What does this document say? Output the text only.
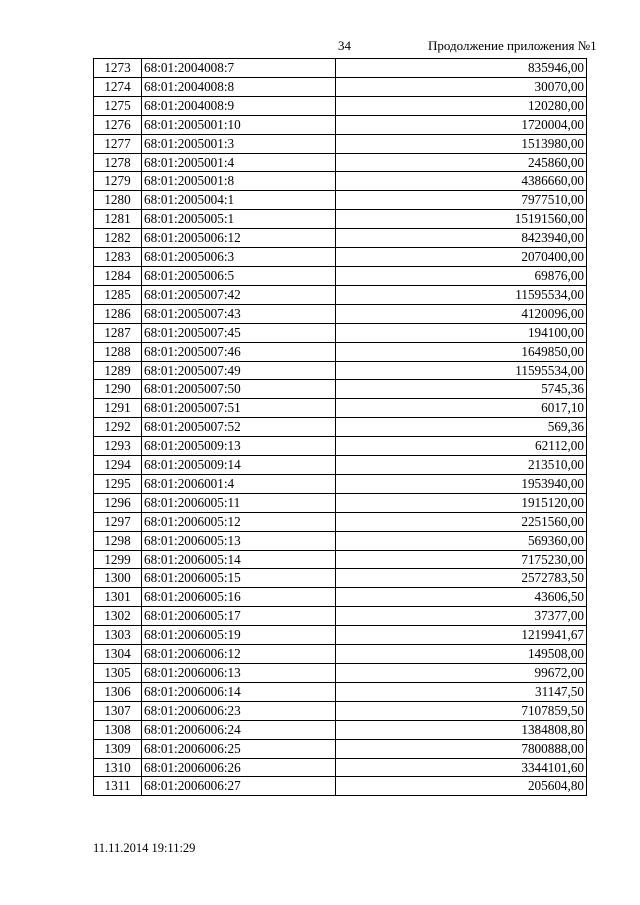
34	Продолжение приложения №1
1273	68:01:2004008:7	835946,00
1274	68:01:2004008:8	30070,00
1275	68:01:2004008:9	120280,00
1276	68:01:2005001:10	1720004,00
1277	68:01:2005001:3	1513980,00
1278	68:01:2005001:4	245860,00
1279	68:01:2005001:8	4386660,00
1280	68:01:2005004:1	7977510,00
1281	68:01:2005005:1	15191560,00
1282	68:01:2005006:12	8423940,00
1283	68:01:2005006:3	2070400,00
1284	68:01:2005006:5	69876,00
1285	68:01:2005007:42	11595534,00
1286	68:01:2005007:43	4120096,00
1287	68:01:2005007:45	194100,00
1288	68:01:2005007:46	1649850,00
1289	68:01:2005007:49	11595534,00
1290	68:01:2005007:50	5745,36
1291	68:01:2005007:51	6017,10
1292	68:01:2005007:52	569,36
1293	68:01:2005009:13	62112,00
1294	68:01:2005009:14	213510,00
1295	68:01:2006001:4	1953940,00
1296	68:01:2006005:11	1915120,00
1297	68:01:2006005:12	2251560,00
1298	68:01:2006005:13	569360,00
1299	68:01:2006005:14	7175230,00
1300	68:01:2006005:15	2572783,50
1301	68:01:2006005:16	43606,50
1302	68:01:2006005:17	37377,00
1303	68:01:2006005:19	1219941,67
1304	68:01:2006006:12	149508,00
1305	68:01:2006006:13	99672,00
1306	68:01:2006006:14	31147,50
1307	68:01:2006006:23	7107859,50
1308	68:01:2006006:24	1384808,80
1309	68:01:2006006:25	7800888,00
1310	68:01:2006006:26	3344101,60
1311	68:01:2006006:27	205604,80
11.11.2014 19:11:29
